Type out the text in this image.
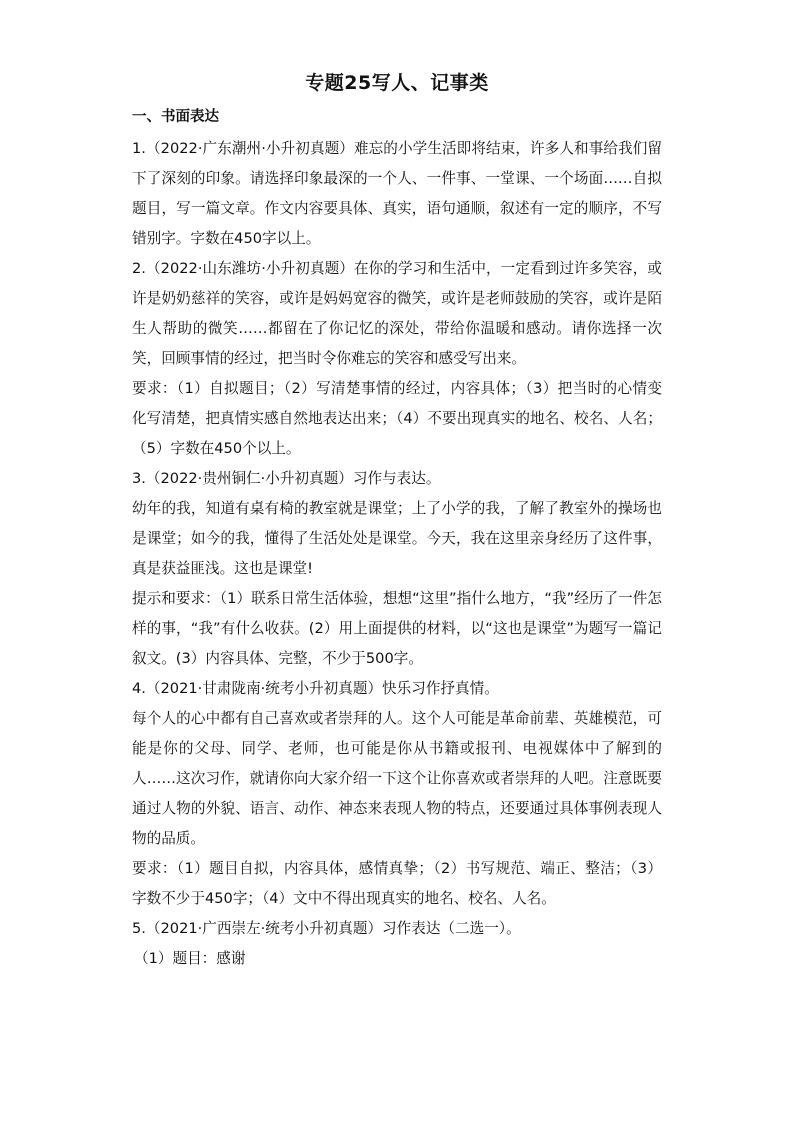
专题25写人、记事类
一、书面表达

1.（2022·广东潮州·小升初真题）难忘的小学生活即将结束，许多人和事给我们留下了深刻的印象。请选择印象最深的一个人、一件事、一堂课、一个场面……自拟题目，写一篇文章。作文内容要具体、真实，语句通顺，叙述有一定的顺序，不写错别字。字数在450字以上。

2.（2022·山东潍坊·小升初真题）在你的学习和生活中，一定看到过许多笑容，或许是奶奶慈祥的笑容，或许是妈妈宽容的微笑，或许是老师鼓励的笑容，或许是陌生人帮助的微笑……都留在了你记忆的深处，带给你温暖和感动。请你选择一次笑，回顾事情的经过，把当时令你难忘的笑容和感受写出来。

要求：（1）自拟题目；（2）写清楚事情的经过，内容具体；（3）把当时的心情变化写清楚，把真情实感自然地表达出来；（4）不要出现真实的地名、校名、人名；（5）字数在450个以上。

3.（2022·贵州铜仁·小升初真题）习作与表达。

幼年的我，知道有桌有椅的教室就是课堂；上了小学的我，了解了教室外的操场也是课堂；如今的我，懂得了生活处处是课堂。今天，我在这里亲身经历了这件事，真是获益匪浅。这也是课堂!

提示和要求：（1）联系日常生活体验，想想“这里”指什么地方，“我”经历了一件怎样的事，“我”有什么收获。(2）用上面提供的材料，以“这也是课堂”为题写一篇记叙文。(3）内容具体、完整，不少于500字。

4.（2021·甘肃陇南·统考小升初真题）快乐习作抒真情。

每个人的心中都有自己喜欢或者崇拜的人。这个人可能是革命前辈、英雄模范，可能是你的父母、同学、老师，也可能是你从书籍或报刊、电视媒体中了解到的人……这次习作，就请你向大家介绍一下这个让你喜欢或者崇拜的人吧。注意既要通过人物的外貌、语言、动作、神态来表现人物的特点，还要通过具体事例表现人物的品质。

要求：（1）题目自拟，内容具体，感情真挚；（2）书写规范、端正、整洁；（3）字数不少于450字；（4）文中不得出现真实的地名、校名、人名。

5.（2021·广西崇左·统考小升初真题）习作表达（二选一）。

（1）题目：感谢
